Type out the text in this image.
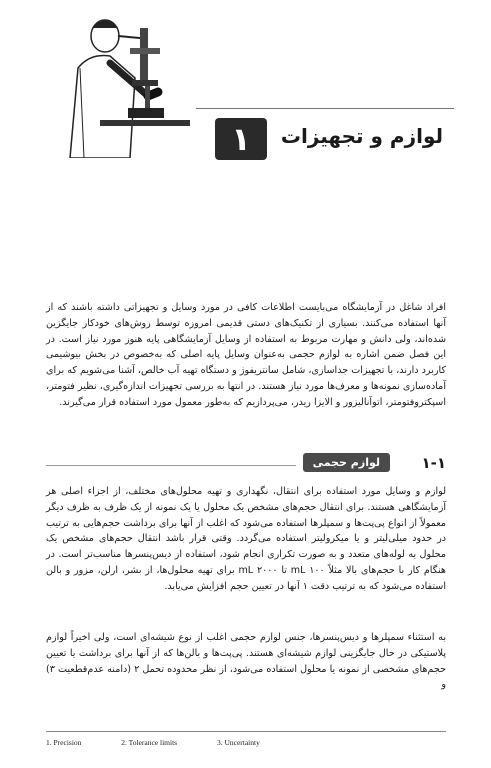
۱	لوازم و تجهیزات
افراد شاغل در آزمایشگاه می‌بایست اطلاعات کافی در مورد وسایل و تجهیزاتی داشته باشند که از آنها استفاده می‌کنند. بسیاری از تکنیک‌های دستی قدیمی امروزه توسط روش‌های خودکار جایگزین شده‌اند، ولی دانش و مهارت مربوط به استفاده از وسایل آزمایشگاهی پایه هنوز مورد نیاز است. در این فصل ضمن اشاره به لوازم حجمی به‌عنوان وسایل پایه اصلی که به‌خصوص در بخش بیوشیمی کاربرد دارند، با تجهیزات جداسازی، شامل سانتریفوژ و دستگاه تهیه آب خالص، آشنا می‌شویم که برای آماده‌سازی نمونه‌ها و معرف‌ها مورد نیاز هستند. در انتها به بررسی تجهیزات اندازه‌گیری، نظیر فتومتر، اسپکتروفتومتر، اتوآنالیزور و الایزا ریدر، می‌پردازیم که به‌طور معمول مورد استفاده قرار می‌گیرند.
۱-۱
لوازم حجمی
لوازم و وسایل مورد استفاده برای انتقال، نگهداری و تهیه محلول‌های مختلف، از اجزاء اصلی هر آزمایشگاهی هستند. برای انتقال حجم‌های مشخص یک محلول یا یک نمونه از یک ظرف به ظرف دیگر معمولاً از انواع پی‌پت‌ها و سمپلرها استفاده می‌شود که اغلب از آنها برای برداشت حجم‌هایی به ترتیب در حدود میلی‌لیتر و یا میکرولیتر استفاده می‌گردد. وقتی قرار باشد انتقال حجم‌های مشخص یک محلول به لوله‌های متعدد و به صورت تکراری انجام شود، استفاده از دیس‌پنسرها مناسب‌تر است. در هنگام کار با حجم‌های بالا مثلاً ۱۰۰ mL تا ۲۰۰۰ mL برای تهیه محلول‌ها، از بشر، ارلن، مزور و بالن استفاده می‌شود که به ترتیب دقت ۱ آنها در تعیین حجم افزایش می‌یابد.
به استثناء سمپلرها و دیس‌پنسرها، جنس لوازم حجمی اغلب از نوع شیشه‌ای است، ولی اخیراً لوازم پلاستیکی در حال جایگزینی لوازم شیشه‌ای هستند. پی‌پت‌ها و بالن‌ها که از آنها برای برداشت یا تعیین حجم‌های مشخصی از نمونه یا محلول استفاده می‌شود، از نظر محدوده تحمل ۲ (دامنه عدم‌قطعیت ۳) و
1. Precision	2. Tolerance limits	3. Uncertainty
